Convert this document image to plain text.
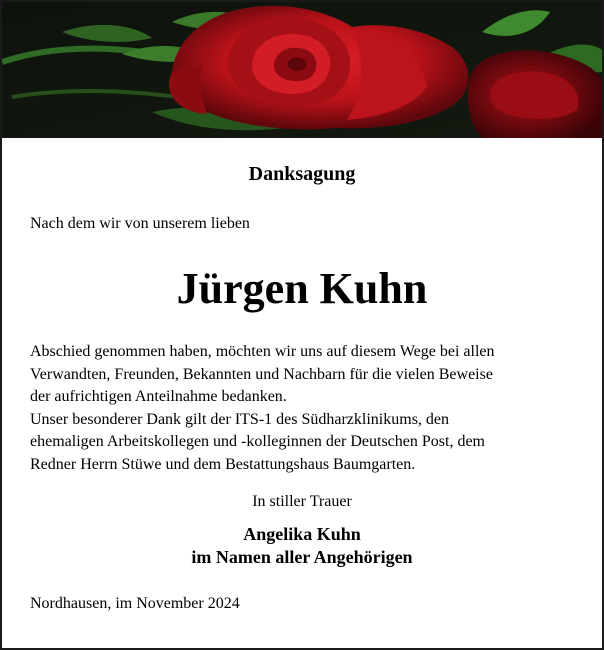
Danksagung

Nach dem wir von unserem lieben

Jürgen Kuhn

Abschied genommen haben, möchten wir uns auf diesem Wege bei allen
Verwandten, Freunden, Bekannten und Nachbarn für die vielen Beweise
der aufrichtigen Anteilnahme bedanken.
Unser besonderer Dank gilt der ITS-1 des Südharzklinikums, den
ehemaligen Arbeitskollegen und -kolleginnen der Deutschen Post, dem
Redner Herrn Stüwe und dem Bestattungshaus Baumgarten.

In stiller Trauer

Angelika Kuhn

im Namen aller Angehörigen

Nordhausen, im November 2024
